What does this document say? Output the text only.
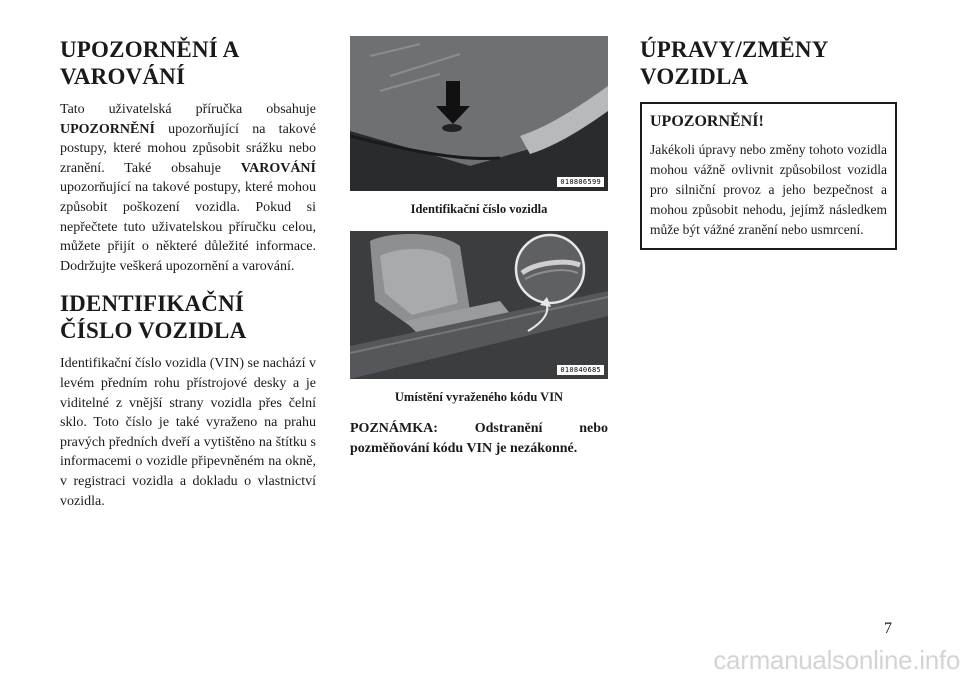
UPOZORNĚNÍ A VAROVÁNÍ

Tato uživatelská příručka obsahuje UPOZORNĚNÍ upozorňující na takové postupy, které mohou způsobit srážku nebo zranění. Také obsahuje VAROVÁNÍ upozorňující na takové postupy, které mohou způsobit poškození vozidla. Pokud si nepřečtete tuto uživatelskou příručku celou, můžete přijít o některé důležité informace. Dodržujte veškerá upozornění a varování.

IDENTIFIKAČNÍ ČÍSLO VOZIDLA

Identifikační číslo vozidla (VIN) se nachází v levém předním rohu přístrojové desky a je viditelné z vnější strany vozidla přes čelní sklo. Toto číslo je také vyraženo na prahu pravých předních dveří a vytištěno na štítku s informacemi o vozidle připevněném na okně, v registraci vozidla a dokladu o vlastnictví vozidla.

010806599
Identifikační číslo vozidla
010840685
Umístění vyraženého kódu VIN

POZNÁMKA: Odstranění nebo pozměňování kódu VIN je nezákonné.

ÚPRAVY/ZMĚNY VOZIDLA
UPOZORNĚNÍ!

Jakékoli úpravy nebo změny tohoto vozidla mohou vážně ovlivnit způsobilost vozidla pro silniční provoz a jeho bezpečnost a mohou způsobit nehodu, jejímž následkem může být vážné zranění nebo usmrcení.

7
carmanualsonline.info
